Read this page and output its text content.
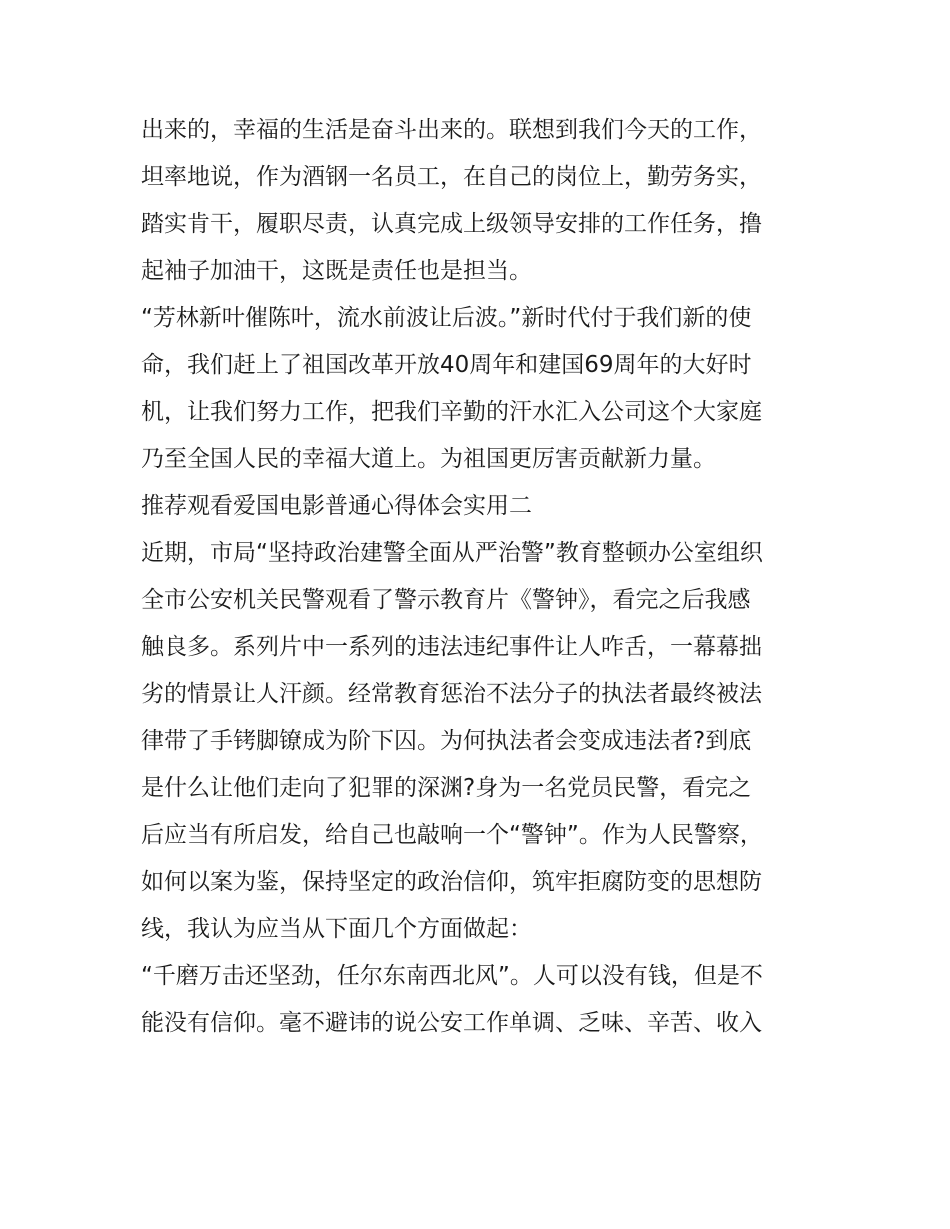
出来的，幸福的生活是奋斗出来的。联想到我们今天的工作，
坦率地说，作为酒钢一名员工，在自己的岗位上，勤劳务实，
踏实肯干，履职尽责，认真完成上级领导安排的工作任务，撸
起袖子加油干，这既是责任也是担当。
“芳林新叶催陈叶，流水前波让后波。”新时代付于我们新的使
命，我们赶上了祖国改革开放40周年和建国69周年的大好时
机，让我们努力工作，把我们辛勤的汗水汇入公司这个大家庭
乃至全国人民的幸福大道上。为祖国更厉害贡献新力量。
推荐观看爱国电影普通心得体会实用二
近期，市局“坚持政治建警全面从严治警”教育整顿办公室组织
全市公安机关民警观看了警示教育片《警钟》，看完之后我感
触良多。系列片中一系列的违法违纪事件让人咋舌，一幕幕拙
劣的情景让人汗颜。经常教育惩治不法分子的执法者最终被法
律带了手铐脚镣成为阶下囚。为何执法者会变成违法者?到底
是什么让他们走向了犯罪的深渊?身为一名党员民警，看完之
后应当有所启发，给自己也敲响一个“警钟”。作为人民警察，
如何以案为鉴，保持坚定的政治信仰，筑牢拒腐防变的思想防
线，我认为应当从下面几个方面做起：
“千磨万击还坚劲，任尔东南西北风”。人可以没有钱，但是不
能没有信仰。毫不避讳的说公安工作单调、乏味、辛苦、收入
